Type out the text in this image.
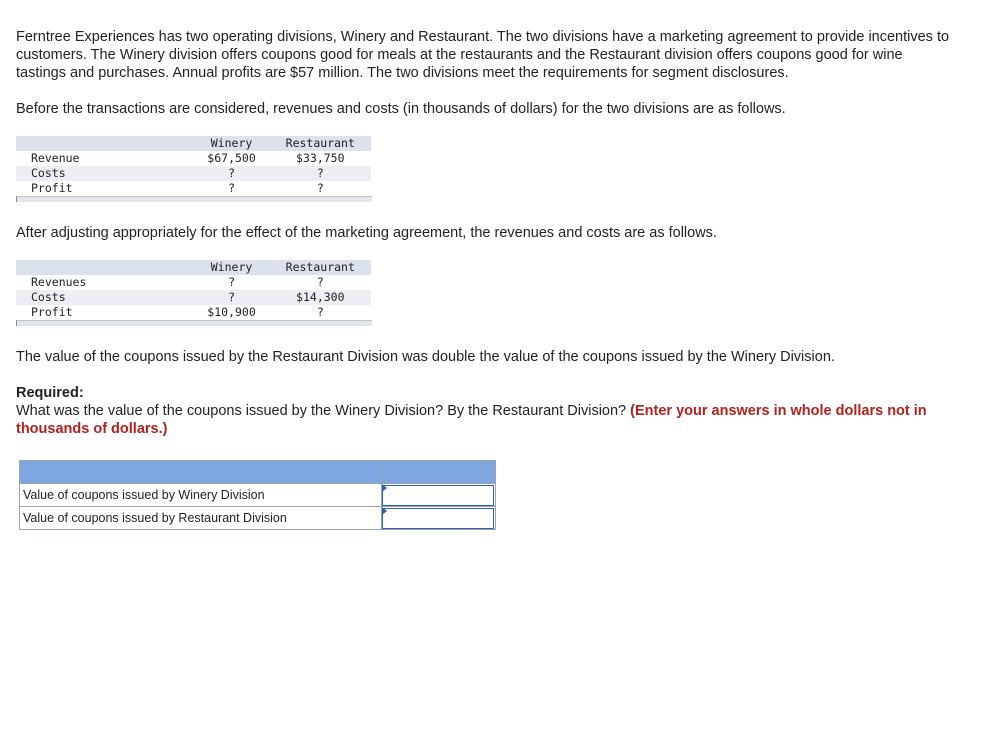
Ferntree Experiences has two operating divisions, Winery and Restaurant. The two divisions have a marketing agreement to provide incentives to customers. The Winery division offers coupons good for meals at the restaurants and the Restaurant division offers coupons good for wine tastings and purchases. Annual profits are $57 million. The two divisions meet the requirements for segment disclosures.

Before the transactions are considered, revenues and costs (in thousands of dollars) for the two divisions are as follows.

	Winery	Restaurant
Revenue	$67,500	$33,750
Costs	?	?
Profit	?	?

After adjusting appropriately for the effect of the marketing agreement, the revenues and costs are as follows.

	Winery	Restaurant
Revenues	?	?
Costs	?	$14,300
Profit	$10,900	?

The value of the coupons issued by the Restaurant Division was double the value of the coupons issued by the Winery Division.

Required:

What was the value of the coupons issued by the Winery Division? By the Restaurant Division? (Enter your answers in whole dollars not in thousands of dollars.)

Value of coupons issued by Winery Division	

Value of coupons issued by Restaurant Division	
